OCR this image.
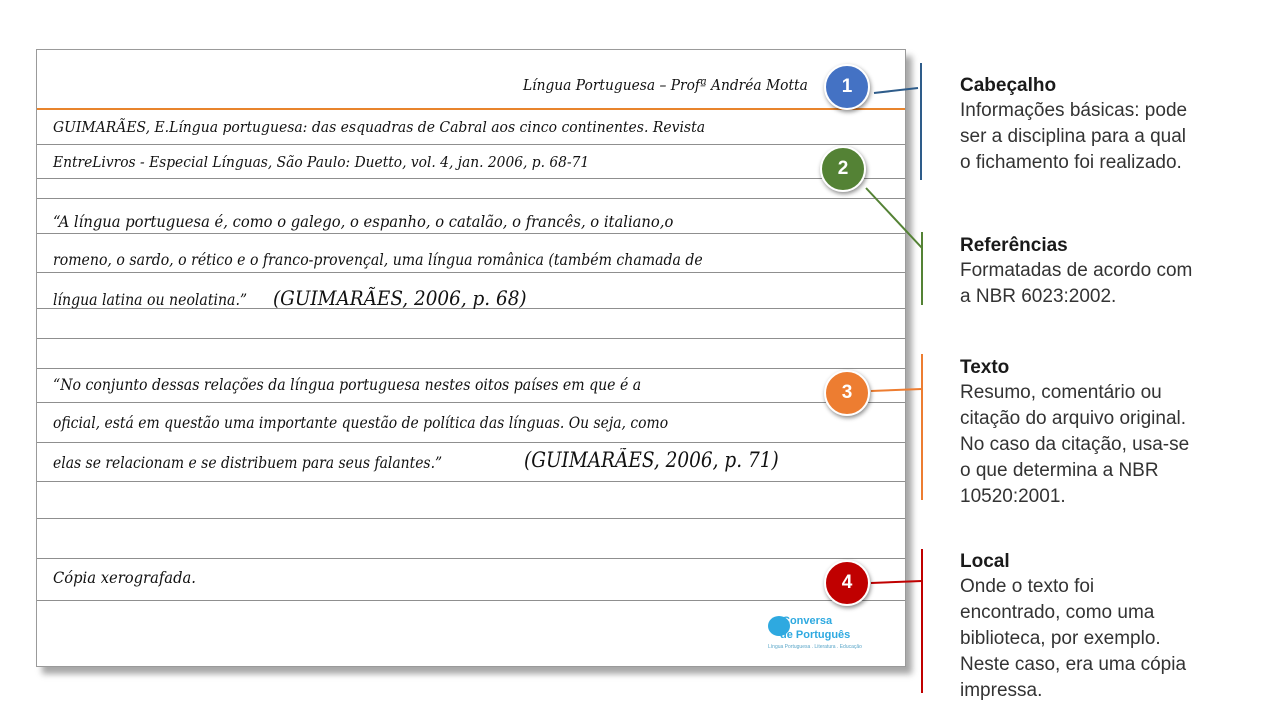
Língua Portuguesa – Profª Andréa Motta
GUIMARÃES, E.Língua portuguesa: das esquadras de Cabral aos cinco continentes. Revista
EntreLivros - Especial Línguas, São Paulo: Duetto, vol. 4, jan. 2006, p. 68-71
“A língua portuguesa é, como o galego, o espanho, o catalão, o francês, o italiano,o
romeno, o sardo, o rético e o franco-provençal, uma língua românica (também chamada de
língua latina ou neolatina.” (GUIMARÃES, 2006, p. 68)
“No conjunto dessas relações da língua portuguesa nestes oitos países em que é a
oficial, está em questão uma importante questão de política das línguas. Ou seja, como
elas se relacionam e se distribuem para seus falantes.”	(GUIMARÃES, 2006, p. 71)
Cópia xerografada.
Conversa
de Português
Língua Portuguesa . Literatura . Educação
1
2
3
4
Cabeçalho
Informações básicas: pode
ser a disciplina para a qual
o fichamento foi realizado.
Referências
Formatadas de acordo com
a NBR 6023:2002.
Texto
Resumo, comentário ou
citação do arquivo original.
No caso da citação, usa-se
o que determina a NBR
10520:2001.
Local
Onde o texto foi
encontrado, como uma
biblioteca, por exemplo.
Neste caso, era uma cópia
impressa.
